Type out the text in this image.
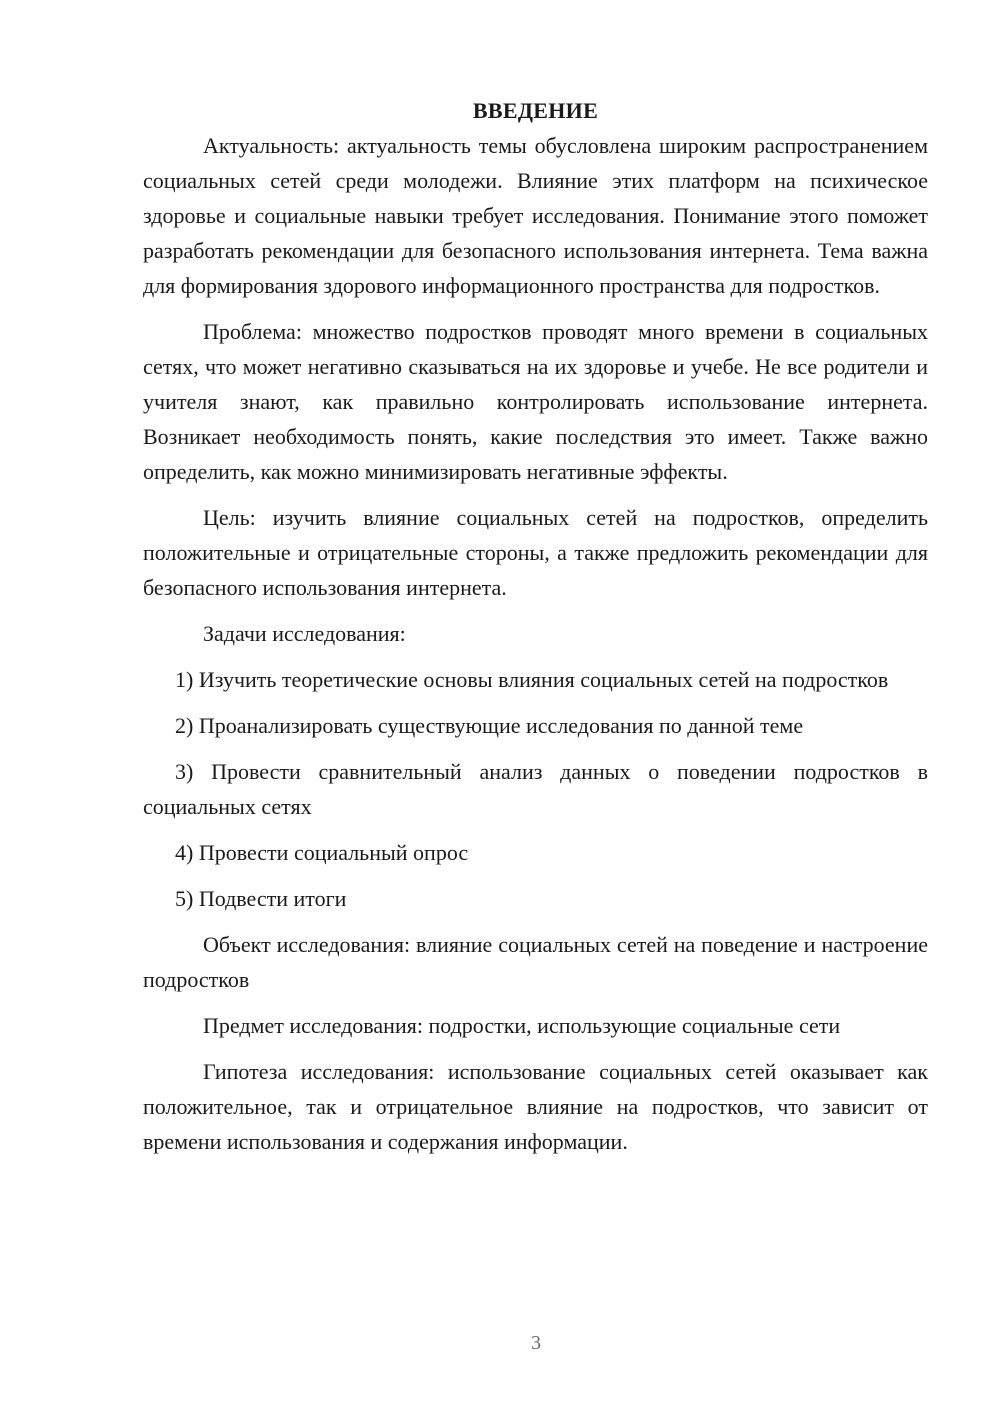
ВВЕДЕНИЕ

Актуальность: актуальность темы обусловлена широким распространением социальных сетей среди молодежи. Влияние этих платформ на психическое здоровье и социальные навыки требует исследования. Понимание этого поможет разработать рекомендации для безопасного использования интернета. Тема важна для формирования здорового информационного пространства для подростков.

Проблема: множество подростков проводят много времени в социальных сетях, что может негативно сказываться на их здоровье и учебе. Не все родители и учителя знают, как правильно контролировать использование интернета. Возникает необходимость понять, какие последствия это имеет. Также важно определить, как можно минимизировать негативные эффекты.

Цель: изучить влияние социальных сетей на подростков, определить положительные и отрицательные стороны, а также предложить рекомендации для безопасного использования интернета.

Задачи исследования:

1) Изучить теоретические основы влияния социальных сетей на подростков

2) Проанализировать существующие исследования по данной теме

3) Провести сравнительный анализ данных о поведении подростков в социальных сетях

4) Провести социальный опрос

5) Подвести итоги

Объект исследования: влияние социальных сетей на поведение и настроение подростков

Предмет исследования: подростки, использующие социальные сети

Гипотеза исследования: использование социальных сетей оказывает как положительное, так и отрицательное влияние на подростков, что зависит от времени использования и содержания информации.

3
